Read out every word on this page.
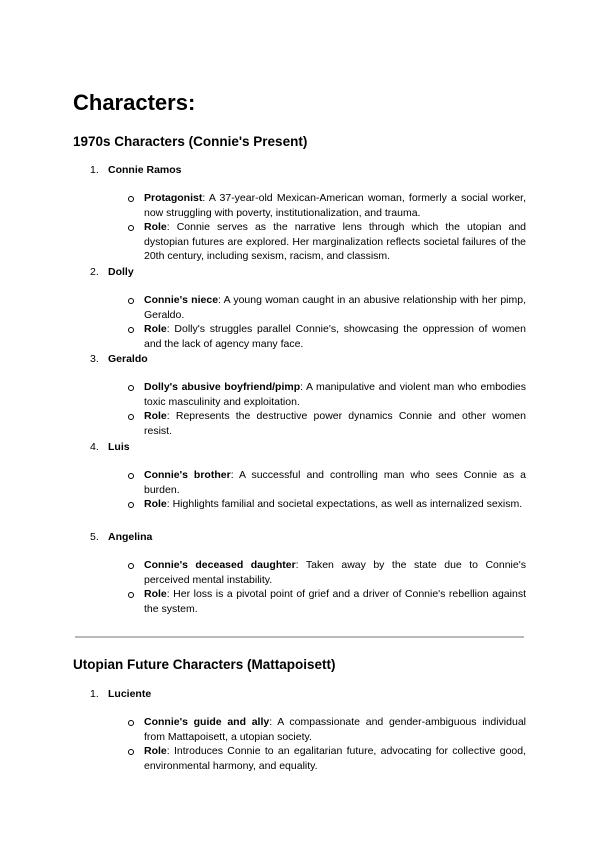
Characters:
1970s Characters (Connie's Present)

1. Connie Ramos

Protagonist: A 37-year-old Mexican-American woman, formerly a social worker, now struggling with poverty, institutionalization, and trauma.
Role: Connie serves as the narrative lens through which the utopian and dystopian futures are explored. Her marginalization reflects societal failures of the 20th century, including sexism, racism, and classism.

2. Dolly

Connie's niece: A young woman caught in an abusive relationship with her pimp, Geraldo.
Role: Dolly's struggles parallel Connie's, showcasing the oppression of women and the lack of agency many face.

3. Geraldo

Dolly's abusive boyfriend/pimp: A manipulative and violent man who embodies toxic masculinity and exploitation.
Role: Represents the destructive power dynamics Connie and other women resist.

4. Luis

Connie's brother: A successful and controlling man who sees Connie as a burden.
Role: Highlights familial and societal expectations, as well as internalized sexism.

5. Angelina

Connie's deceased daughter: Taken away by the state due to Connie's perceived mental instability.
Role: Her loss is a pivotal point of grief and a driver of Connie's rebellion against the system.
Utopian Future Characters (Mattapoisett)

1. Luciente

Connie's guide and ally: A compassionate and gender-ambiguous individual from Mattapoisett, a utopian society.
Role: Introduces Connie to an egalitarian future, advocating for collective good, environmental harmony, and equality.
